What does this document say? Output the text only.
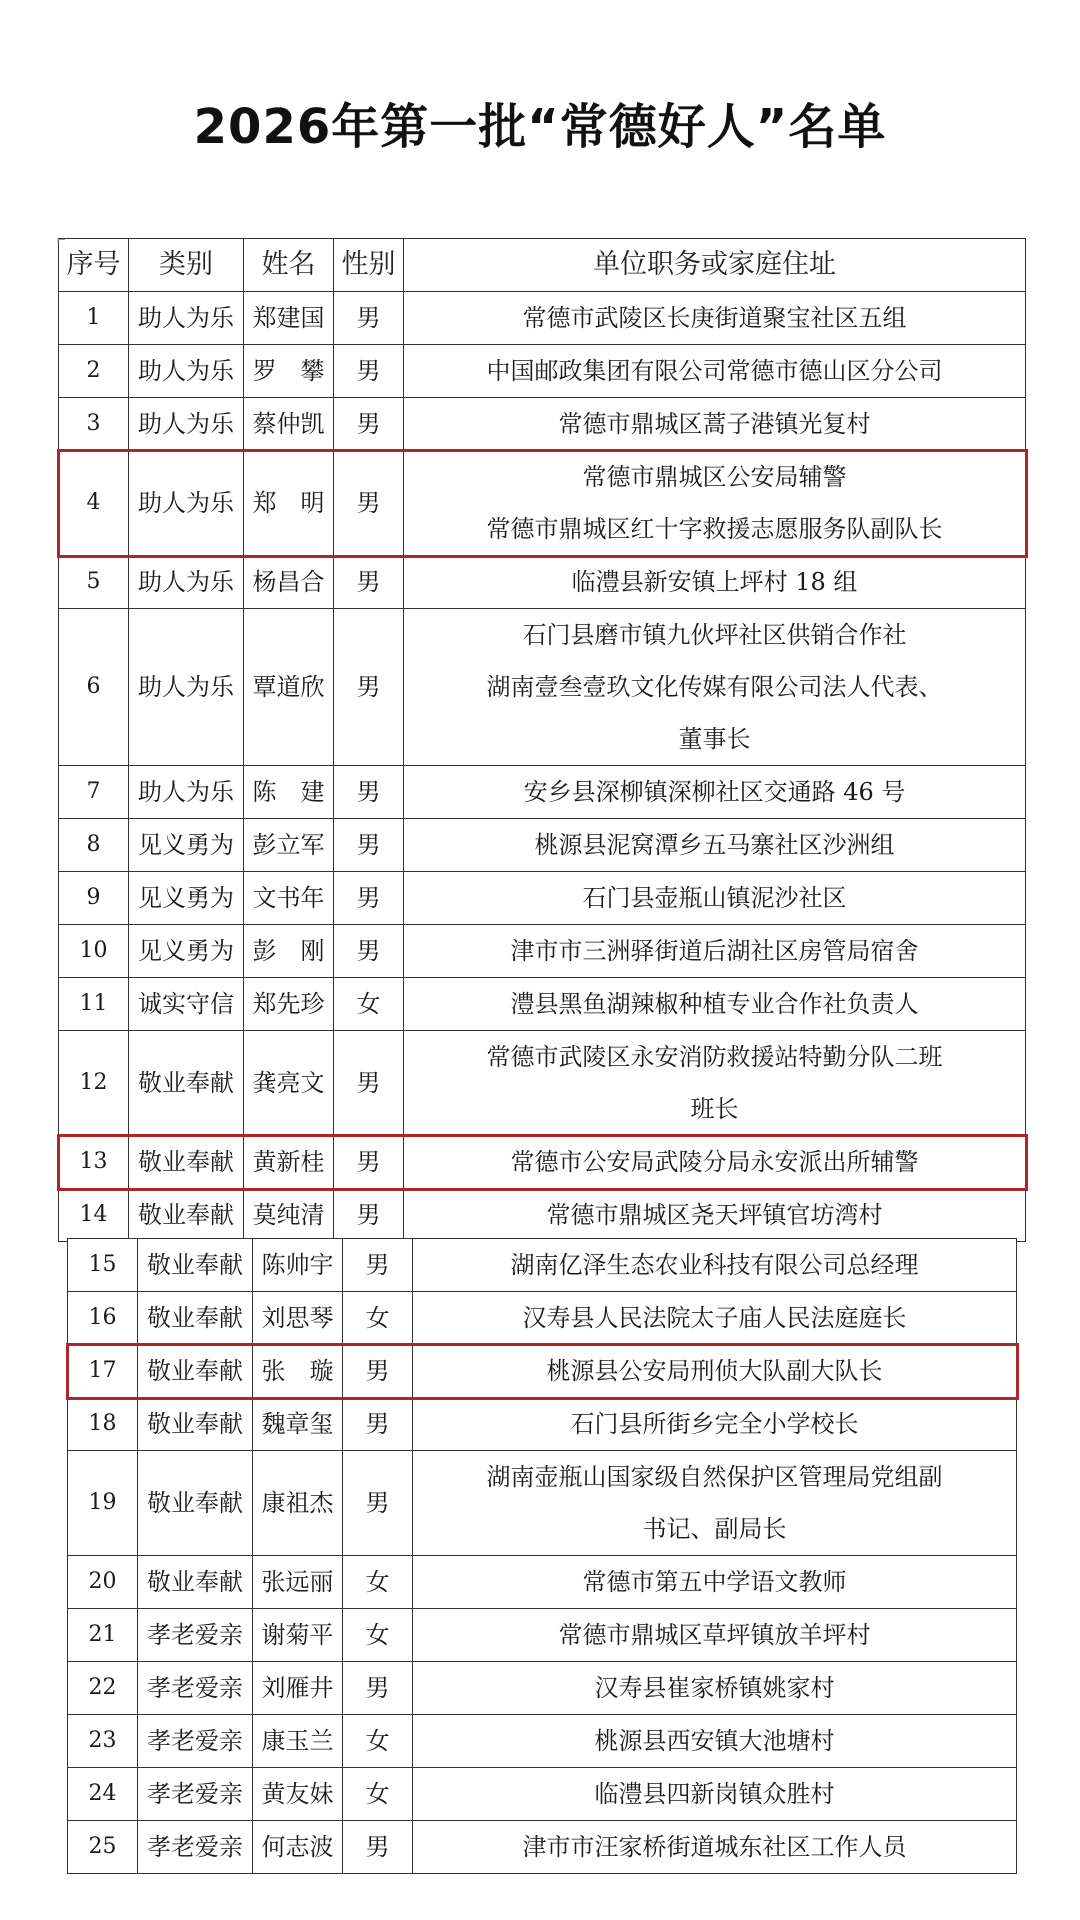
2026年第一批“常德好人”名单
序号	类别	姓名	性别	单位职务或家庭住址
1	助人为乐	郑建国	男	常德市武陵区长庚街道聚宝社区五组

2	助人为乐	罗　攀	男	中国邮政集团有限公司常德市德山区分公司

3	助人为乐	蔡仲凯	男	常德市鼎城区蒿子港镇光复村

4	助人为乐	郑　明	男	常德市鼎城区公安局辅警
常德市鼎城区红十字救援志愿服务队副队长

5	助人为乐	杨昌合	男	临澧县新安镇上坪村 18 组

6	助人为乐	覃道欣	男	石门县磨市镇九伙坪社区供销合作社
湖南壹叁壹玖文化传媒有限公司法人代表、
董事长

7	助人为乐	陈　建	男	安乡县深柳镇深柳社区交通路 46 号

8	见义勇为	彭立军	男	桃源县泥窝潭乡五马寨社区沙洲组

9	见义勇为	文书年	男	石门县壶瓶山镇泥沙社区

10	见义勇为	彭　刚	男	津市市三洲驿街道后湖社区房管局宿舍

11	诚实守信	郑先珍	女	澧县黑鱼湖辣椒种植专业合作社负责人

12	敬业奉献	龚亮文	男	常德市武陵区永安消防救援站特勤分队二班
班长

13	敬业奉献	黄新桂	男	常德市公安局武陵分局永安派出所辅警

14	敬业奉献	莫纯清	男	常德市鼎城区尧天坪镇官坊湾村
15	敬业奉献	陈帅宇	男	湖南亿泽生态农业科技有限公司总经理

16	敬业奉献	刘思琴	女	汉寿县人民法院太子庙人民法庭庭长

17	敬业奉献	张　璇	男	桃源县公安局刑侦大队副大队长

18	敬业奉献	魏章玺	男	石门县所街乡完全小学校长

19	敬业奉献	康祖杰	男	湖南壶瓶山国家级自然保护区管理局党组副
书记、副局长

20	敬业奉献	张远丽	女	常德市第五中学语文教师

21	孝老爱亲	谢菊平	女	常德市鼎城区草坪镇放羊坪村

22	孝老爱亲	刘雁井	男	汉寿县崔家桥镇姚家村

23	孝老爱亲	康玉兰	女	桃源县西安镇大池塘村

24	孝老爱亲	黄友妹	女	临澧县四新岗镇众胜村

25	孝老爱亲	何志波	男	津市市汪家桥街道城东社区工作人员
⌐
